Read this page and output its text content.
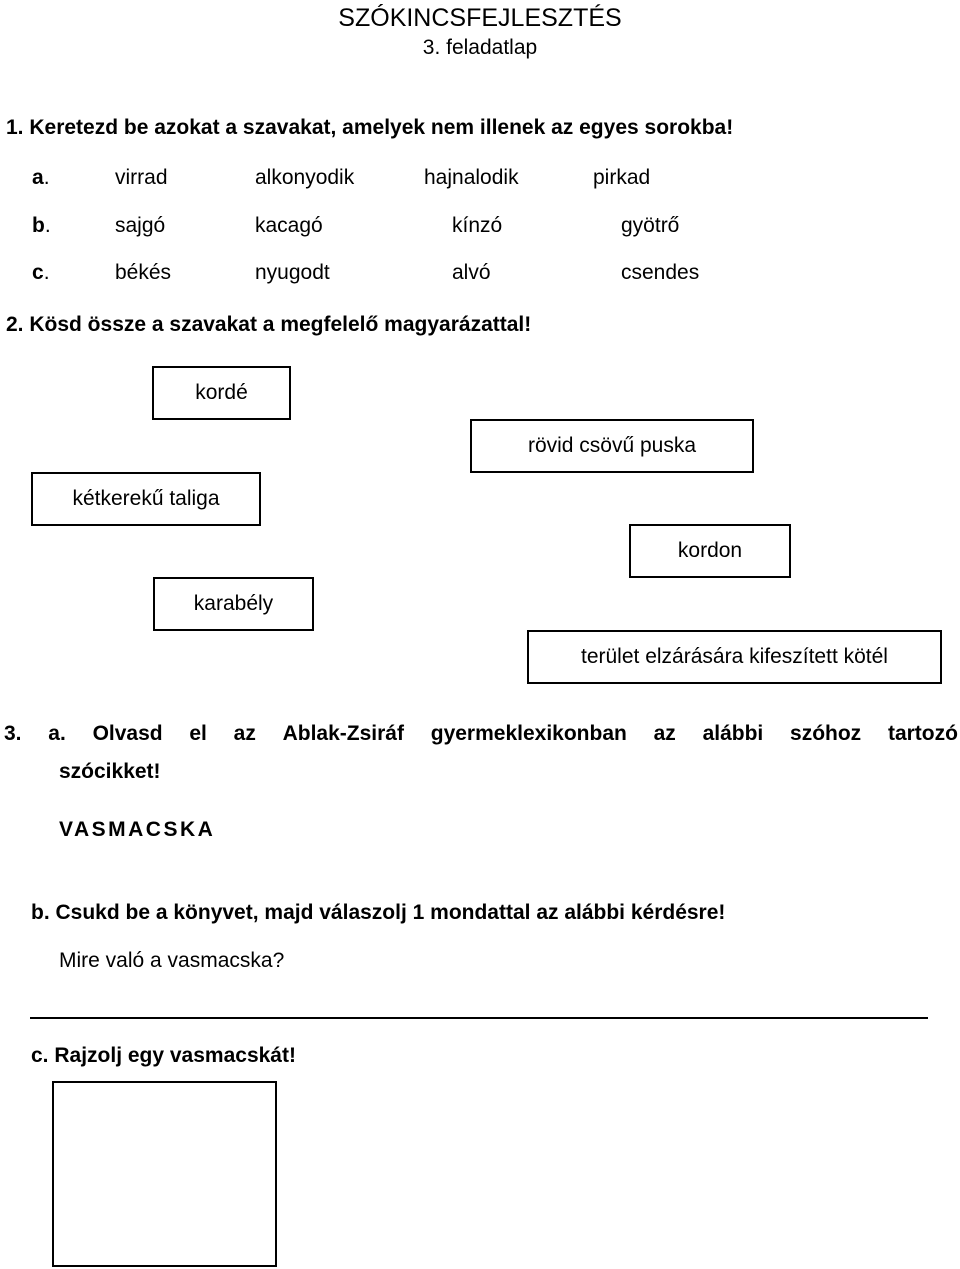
SZÓKINCSFEJLESZTÉS
3. feladatlap
1. Keretezd be azokat a szavakat, amelyek nem illenek az egyes sorokba!
a.	virrad	alkonyodik	hajnalodik	pirkad
b.	sajgó	kacagó	kínzó	gyötrő
c.	békés	nyugodt	alvó	csendes
2. Kösd össze a szavakat a megfelelő magyarázattal!
kordé
rövid csövű puska
kétkerekű taliga
kordon
karabély
terület elzárására kifeszített kötél
3. a. Olvasd el az Ablak-Zsiráf gyermeklexikonban az alábbi szóhoz tartozó
szócikket!
VASMACSKA
b. Csukd be a könyvet, majd válaszolj 1 mondattal az alábbi kérdésre!
Mire való a vasmacska?
c. Rajzolj egy vasmacskát!
